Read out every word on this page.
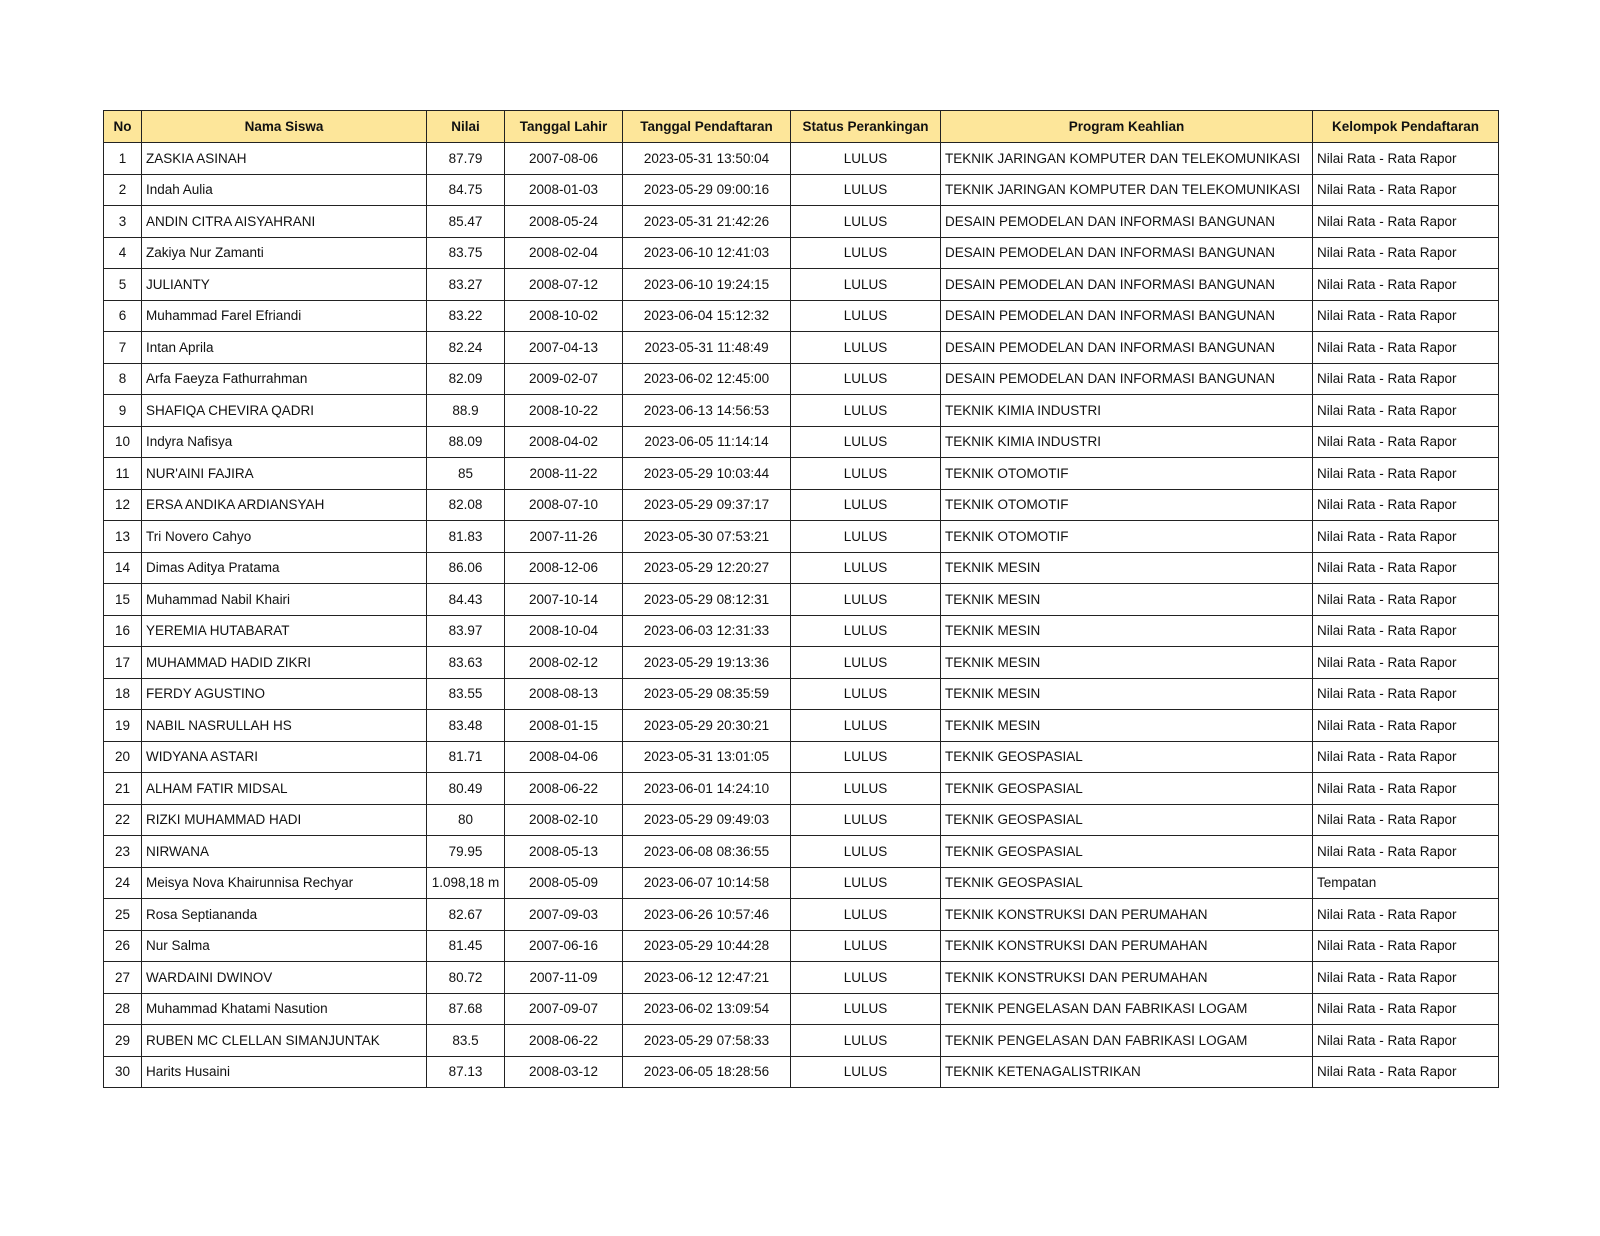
No	Nama Siswa	Nilai	Tanggal Lahir	Tanggal Pendaftaran	Status Perankingan	Program Keahlian	Kelompok Pendaftaran
1	ZASKIA ASINAH	87.79	2007-08-06	2023-05-31 13:50:04	LULUS	TEKNIK JARINGAN KOMPUTER DAN TELEKOMUNIKASI	Nilai Rata - Rata Rapor
2	Indah Aulia	84.75	2008-01-03	2023-05-29 09:00:16	LULUS	TEKNIK JARINGAN KOMPUTER DAN TELEKOMUNIKASI	Nilai Rata - Rata Rapor
3	ANDIN CITRA AISYAHRANI	85.47	2008-05-24	2023-05-31 21:42:26	LULUS	DESAIN PEMODELAN DAN INFORMASI BANGUNAN	Nilai Rata - Rata Rapor
4	Zakiya Nur Zamanti	83.75	2008-02-04	2023-06-10 12:41:03	LULUS	DESAIN PEMODELAN DAN INFORMASI BANGUNAN	Nilai Rata - Rata Rapor
5	JULIANTY	83.27	2008-07-12	2023-06-10 19:24:15	LULUS	DESAIN PEMODELAN DAN INFORMASI BANGUNAN	Nilai Rata - Rata Rapor
6	Muhammad Farel Efriandi	83.22	2008-10-02	2023-06-04 15:12:32	LULUS	DESAIN PEMODELAN DAN INFORMASI BANGUNAN	Nilai Rata - Rata Rapor
7	Intan Aprila	82.24	2007-04-13	2023-05-31 11:48:49	LULUS	DESAIN PEMODELAN DAN INFORMASI BANGUNAN	Nilai Rata - Rata Rapor
8	Arfa Faeyza Fathurrahman	82.09	2009-02-07	2023-06-02 12:45:00	LULUS	DESAIN PEMODELAN DAN INFORMASI BANGUNAN	Nilai Rata - Rata Rapor
9	SHAFIQA CHEVIRA QADRI	88.9	2008-10-22	2023-06-13 14:56:53	LULUS	TEKNIK KIMIA INDUSTRI	Nilai Rata - Rata Rapor
10	Indyra Nafisya	88.09	2008-04-02	2023-06-05 11:14:14	LULUS	TEKNIK KIMIA INDUSTRI	Nilai Rata - Rata Rapor
11	NUR'AINI FAJIRA	85	2008-11-22	2023-05-29 10:03:44	LULUS	TEKNIK OTOMOTIF	Nilai Rata - Rata Rapor
12	ERSA ANDIKA ARDIANSYAH	82.08	2008-07-10	2023-05-29 09:37:17	LULUS	TEKNIK OTOMOTIF	Nilai Rata - Rata Rapor
13	Tri Novero Cahyo	81.83	2007-11-26	2023-05-30 07:53:21	LULUS	TEKNIK OTOMOTIF	Nilai Rata - Rata Rapor
14	Dimas Aditya Pratama	86.06	2008-12-06	2023-05-29 12:20:27	LULUS	TEKNIK MESIN	Nilai Rata - Rata Rapor
15	Muhammad Nabil Khairi	84.43	2007-10-14	2023-05-29 08:12:31	LULUS	TEKNIK MESIN	Nilai Rata - Rata Rapor
16	YEREMIA HUTABARAT	83.97	2008-10-04	2023-06-03 12:31:33	LULUS	TEKNIK MESIN	Nilai Rata - Rata Rapor
17	MUHAMMAD HADID ZIKRI	83.63	2008-02-12	2023-05-29 19:13:36	LULUS	TEKNIK MESIN	Nilai Rata - Rata Rapor
18	FERDY AGUSTINO	83.55	2008-08-13	2023-05-29 08:35:59	LULUS	TEKNIK MESIN	Nilai Rata - Rata Rapor
19	NABIL NASRULLAH HS	83.48	2008-01-15	2023-05-29 20:30:21	LULUS	TEKNIK MESIN	Nilai Rata - Rata Rapor
20	WIDYANA ASTARI	81.71	2008-04-06	2023-05-31 13:01:05	LULUS	TEKNIK GEOSPASIAL	Nilai Rata - Rata Rapor
21	ALHAM FATIR MIDSAL	80.49	2008-06-22	2023-06-01 14:24:10	LULUS	TEKNIK GEOSPASIAL	Nilai Rata - Rata Rapor
22	RIZKI MUHAMMAD HADI	80	2008-02-10	2023-05-29 09:49:03	LULUS	TEKNIK GEOSPASIAL	Nilai Rata - Rata Rapor
23	NIRWANA	79.95	2008-05-13	2023-06-08 08:36:55	LULUS	TEKNIK GEOSPASIAL	Nilai Rata - Rata Rapor
24	Meisya Nova Khairunnisa Rechyar	1.098,18 m	2008-05-09	2023-06-07 10:14:58	LULUS	TEKNIK GEOSPASIAL	Tempatan
25	Rosa Septiananda	82.67	2007-09-03	2023-06-26 10:57:46	LULUS	TEKNIK KONSTRUKSI DAN PERUMAHAN	Nilai Rata - Rata Rapor
26	Nur Salma	81.45	2007-06-16	2023-05-29 10:44:28	LULUS	TEKNIK KONSTRUKSI DAN PERUMAHAN	Nilai Rata - Rata Rapor
27	WARDAINI DWINOV	80.72	2007-11-09	2023-06-12 12:47:21	LULUS	TEKNIK KONSTRUKSI DAN PERUMAHAN	Nilai Rata - Rata Rapor
28	Muhammad Khatami Nasution	87.68	2007-09-07	2023-06-02 13:09:54	LULUS	TEKNIK PENGELASAN DAN FABRIKASI LOGAM	Nilai Rata - Rata Rapor
29	RUBEN MC CLELLAN SIMANJUNTAK	83.5	2008-06-22	2023-05-29 07:58:33	LULUS	TEKNIK PENGELASAN DAN FABRIKASI LOGAM	Nilai Rata - Rata Rapor
30	Harits Husaini	87.13	2008-03-12	2023-06-05 18:28:56	LULUS	TEKNIK KETENAGALISTRIKAN	Nilai Rata - Rata Rapor
